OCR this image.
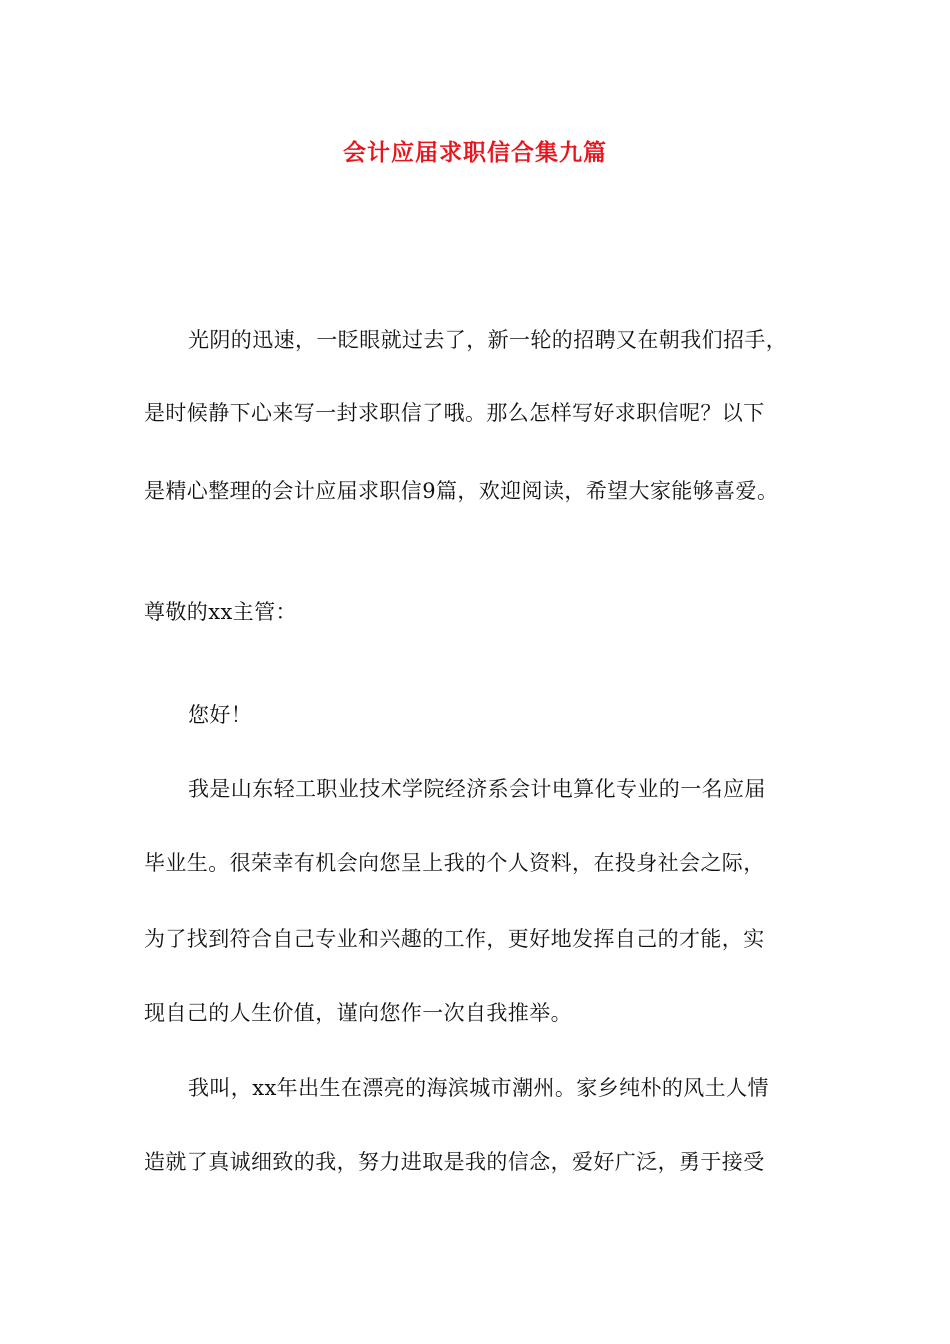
会计应届求职信合集九篇
光阴的迅速，一眨眼就过去了，新一轮的招聘又在朝我们招手，
是时候静下心来写一封求职信了哦。那么怎样写好求职信呢？以下
是精心整理的会计应届求职信9篇，欢迎阅读，希望大家能够喜爱。
尊敬的xx主管：
您好！
我是山东轻工职业技术学院经济系会计电算化专业的一名应届
毕业生。很荣幸有机会向您呈上我的个人资料，在投身社会之际，
为了找到符合自己专业和兴趣的工作，更好地发挥自己的才能，实
现自己的人生价值，谨向您作一次自我推举。
我叫，xx年出生在漂亮的海滨城市潮州。家乡纯朴的风土人情
造就了真诚细致的我，努力进取是我的信念，爱好广泛，勇于接受
